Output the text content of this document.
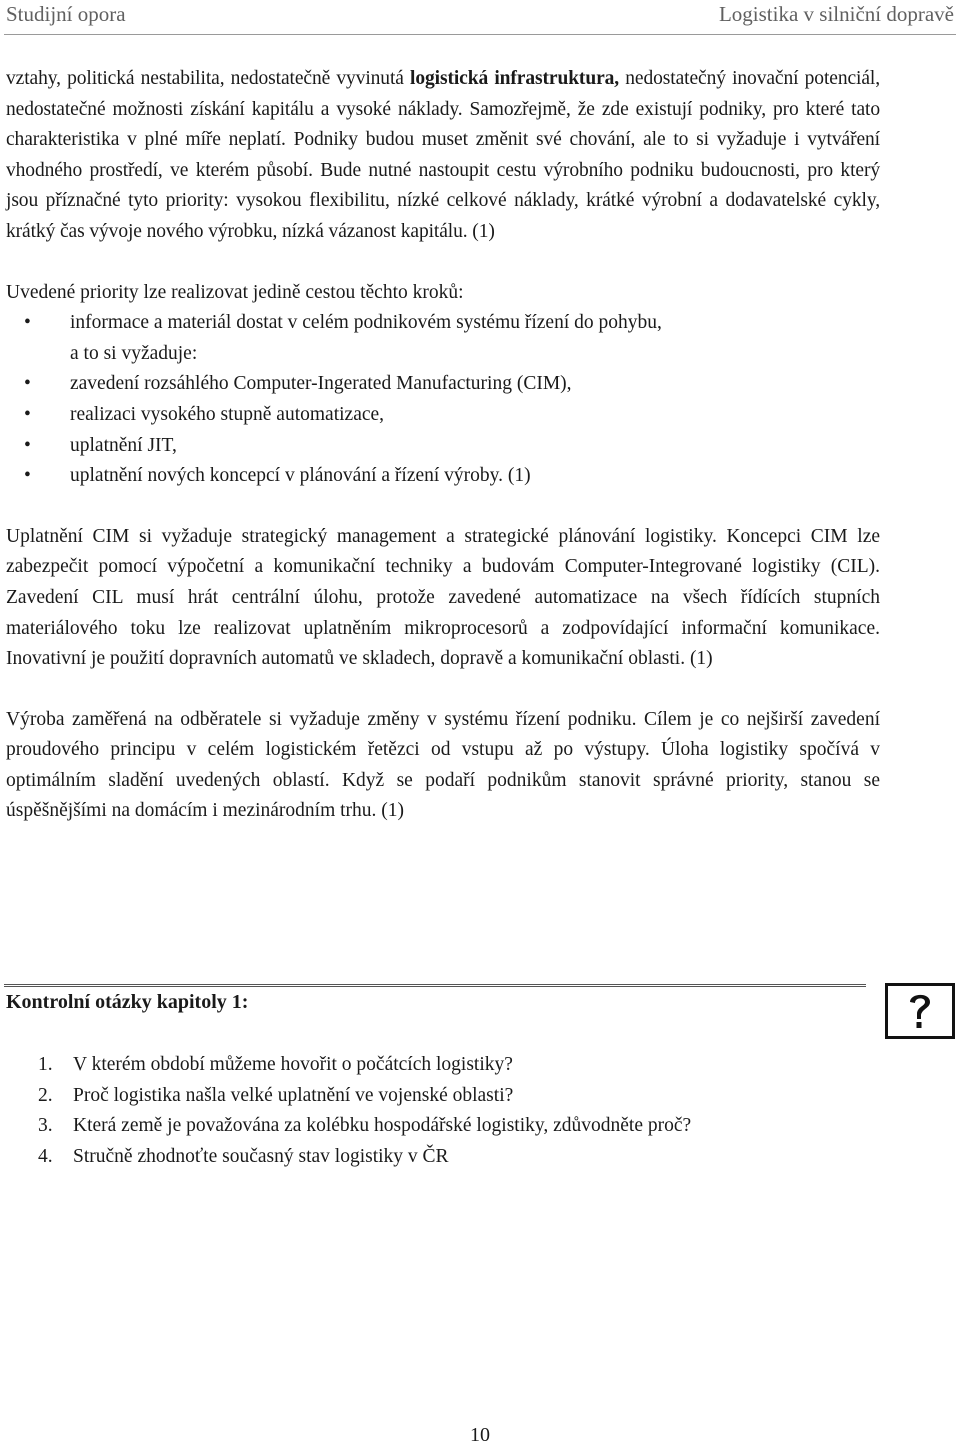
Studijní opora	Logistika v silniční dopravě

vztahy, politická nestabilita, nedostatečně vyvinutá logistická infrastruktura, nedostatečný inovační potenciál, nedostatečné možnosti získání kapitálu a vysoké náklady. Samozřejmě, že zde existují podniky, pro které tato charakteristika v plné míře neplatí. Podniky budou muset změnit své chování, ale to si vyžaduje i vytváření vhodného prostředí, ve kterém působí. Bude nutné nastoupit cestu výrobního podniku budoucnosti, pro který jsou příznačné tyto priority: vysokou flexibilitu, nízké celkové náklady, krátké výrobní a dodavatelské cykly, krátký čas vývoje nového výrobku, nízká vázanost kapitálu. (1)

Uvedené priority lze realizovat jedině cestou těchto kroků:

• informace a materiál dostat v celém podnikovém systému řízení do pohybu,
a to si vyžaduje:
• zavedení rozsáhlého Computer-Ingerated Manufacturing (CIM),
• realizaci vysokého stupně automatizace,
• uplatnění JIT,
• uplatnění nových koncepcí v plánování a řízení výroby. (1)

Uplatnění CIM si vyžaduje strategický management a strategické plánování logistiky. Koncepci CIM lze zabezpečit pomocí výpočetní a komunikační techniky a budovám Computer-Integrované logistiky (CIL). Zavedení CIL musí hrát centrální úlohu, protože zavedené automatizace na všech řídících stupních materiálového toku lze realizovat uplatněním mikroprocesorů a zodpovídající informační komunikace. Inovativní je použití dopravních automatů ve skladech, dopravě a komunikační oblasti. (1)

Výroba zaměřená na odběratele si vyžaduje změny v systému řízení podniku. Cílem je co nejširší zavedení proudového principu v celém logistickém řetězci od vstupu až po výstupy. Úloha logistiky spočívá v optimálním sladění uvedených oblastí. Když se podaří podnikům stanovit správné priority, stanou se úspěšnějšími na domácím i mezinárodním trhu. (1)

Kontrolní otázky kapitoly 1:
1. V kterém období můžeme hovořit o počátcích logistiky?
2. Proč logistika našla velké uplatnění ve vojenské oblasti?
3. Která země je považována za kolébku hospodářské logistiky, zdůvodněte proč?
4. Stručně zhodnoťte současný stav logistiky v ČR
10
